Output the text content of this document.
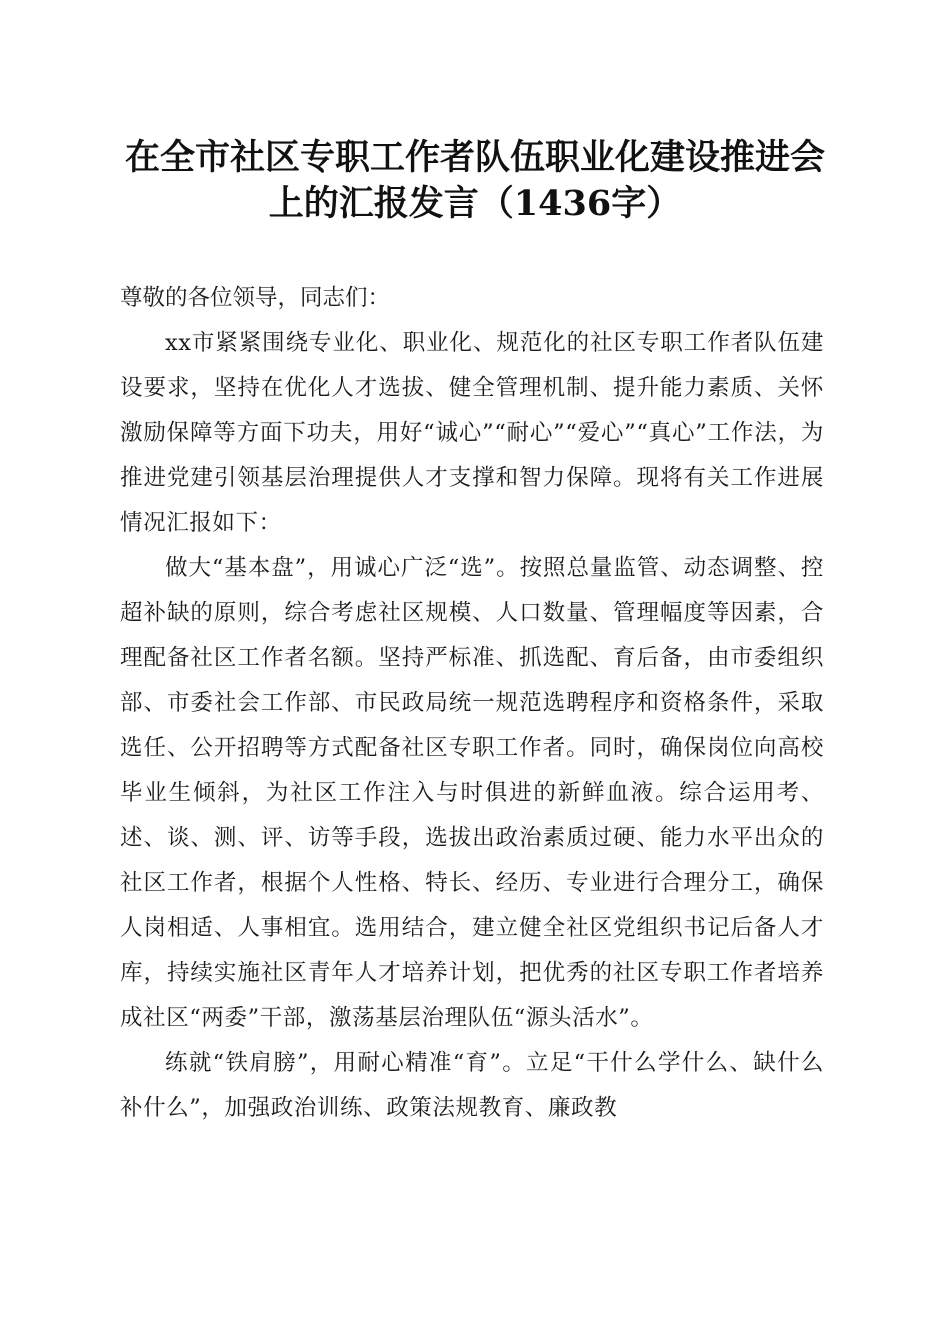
在全市社区专职工作者队伍职业化建设推进会
上的汇报发言（1436字）

尊敬的各位领导，同志们：

xx市紧紧围绕专业化、职业化、规范化的社区专职工作者队伍建设要求，坚持在优化人才选拔、健全管理机制、提升能力素质、关怀激励保障等方面下功夫，用好“诚心”“耐心”“爱心”“真心”工作法，为推进党建引领基层治理提供人才支撑和智力保障。现将有关工作进展情况汇报如下：

做大“基本盘”，用诚心广泛“选”。按照总量监管、动态调整、控超补缺的原则，综合考虑社区规模、人口数量、管理幅度等因素，合理配备社区工作者名额。坚持严标准、抓选配、育后备，由市委组织部、市委社会工作部、市民政局统一规范选聘程序和资格条件，采取选任、公开招聘等方式配备社区专职工作者。同时，确保岗位向高校毕业生倾斜，为社区工作注入与时俱进的新鲜血液。综合运用考、述、谈、测、评、访等手段，选拔出政治素质过硬、能力水平出众的社区工作者，根据个人性格、特长、经历、专业进行合理分工，确保人岗相适、人事相宜。选用结合，建立健全社区党组织书记后备人才库，持续实施社区青年人才培养计划，把优秀的社区专职工作者培养成社区“两委”干部，激荡基层治理队伍“源头活水”。

练就“铁肩膀”，用耐心精准“育”。立足“干什么学什么、缺什么补什么”，加强政治训练、政策法规教育、廉政教
